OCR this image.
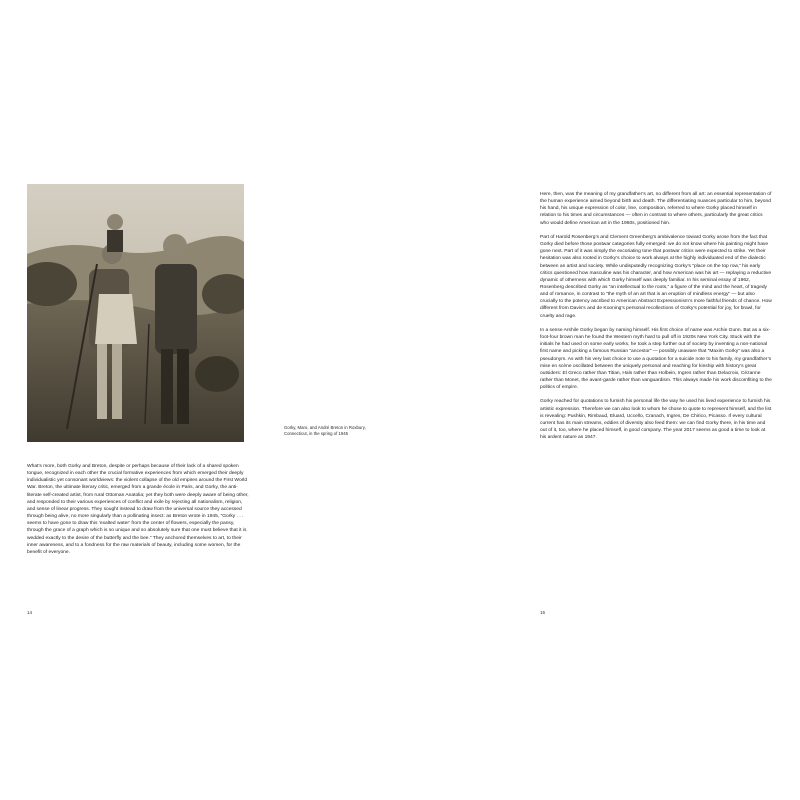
Gorky, Maro, and André Breton in Roxbury, Connecticut, in the spring of 1945

What’s more, both Gorky and Breton, despite or perhaps because of their lack of a shared spoken tongue, recognized in each other the crucial formative experiences from which emerged their deeply individualistic yet consonant worldviews: the violent collapse of the old empires around the First World War. Breton, the ultimate literary critic, emerged from a grande école in Paris, and Gorky, the anti-literate self-created artist, from rural Ottoman Anatolia; yet they both were deeply aware of being other, and responded to their various experiences of conflict and exile by rejecting all nationalism, religion, and sense of linear progress. They sought instead to draw from the universal source they accessed through being alive, no more singularly than a pollinating insect: as Breton wrote in 1945, “Gorky . . . seems to have gone to draw this ‘exalted water’ from the center of flowers, especially the pansy, through the grace of a graph which is so unique and so absolutely sure that one must believe that it is wedded exactly to the desire of the butterfly and the bee.” They anchored themselves to art, to their inner awareness, and to a fondness for the raw materials of beauty, including some women, for the benefit of everyone.

Here, then, was the meaning of my grandfather’s art, no different from all art: an essential representation of the human experience aimed beyond birth and death. The differentiating nuances particular to him, beyond his hand, his unique expression of color, line, composition, referred to where Gorky placed himself in relation to his times and circumstances — often in contrast to where others, particularly the great critics who would define American art in the 1950s, positioned him.

Part of Harold Rosenberg’s and Clement Greenberg’s ambivalence toward Gorky arose from the fact that Gorky died before those postwar categories fully emerged: we do not know where his painting might have gone next. Part of it was simply the excoriating tone that postwar critics were expected to strike. Yet their hesitation was also rooted in Gorky’s choice to work always at the highly individuated end of the dialectic between an artist and society. While undisputedly recognizing Gorky’s “place on the top row,” his early critics questioned how masculine was his character, and how American was his art — replaying a reductive dynamic of otherness with which Gorky himself was deeply familiar. In his seminal essay of 1962, Rosenberg described Gorky as “an intellectual to the roots,” a figure of the mind and the heart, of tragedy and of romance, in contrast to “the myth of an art that is an eruption of mindless energy” — but also crucially to the potency ascribed to American Abstract Expressionism’s more faithful friends of chance. How different from Davis’s and de Kooning’s personal recollections of Gorky’s potential for joy, for brawl, for cruelty and rage.

In a sense Arshile Gorky began by naming himself. His first choice of name was Archie Gunn. But as a six-foot-four brown man he found the Western myth hard to pull off in 1920s New York City. Stuck with the initials he had used on some early works, he took a step further out of society by inventing a non-national first name and picking a famous Russian “ancestor” — possibly unaware that “Maxim Gorky” was also a pseudonym. As with his very last choice to use a quotation for a suicide note to his family, my grandfather’s mise en scène oscillated between the uniquely personal and reaching for kinship with history’s great outsiders: El Greco rather than Titian, Hals rather than Holbein, Ingres rather than Delacroix, Cézanne rather than Monet, the avant-garde rather than vanguardism. This always made his work discomfiting to the politics of empire.

Gorky reached for quotations to furnish his personal life the way he used his lived experience to furnish his artistic expression. Therefore we can also look to whom he chose to quote to represent himself, and the list is revealing: Pushkin, Rimbaud, Eluard, Uccello, Cranach, Ingres, De Chirico, Picasso. If every cultural current has its main streams, eddies of diversity also feed them: we can find Gorky there, in his time and out of it, too, where he placed himself, in good company. The year 2017 seems as good a time to look at his ardent nature as 1947.

14	15
